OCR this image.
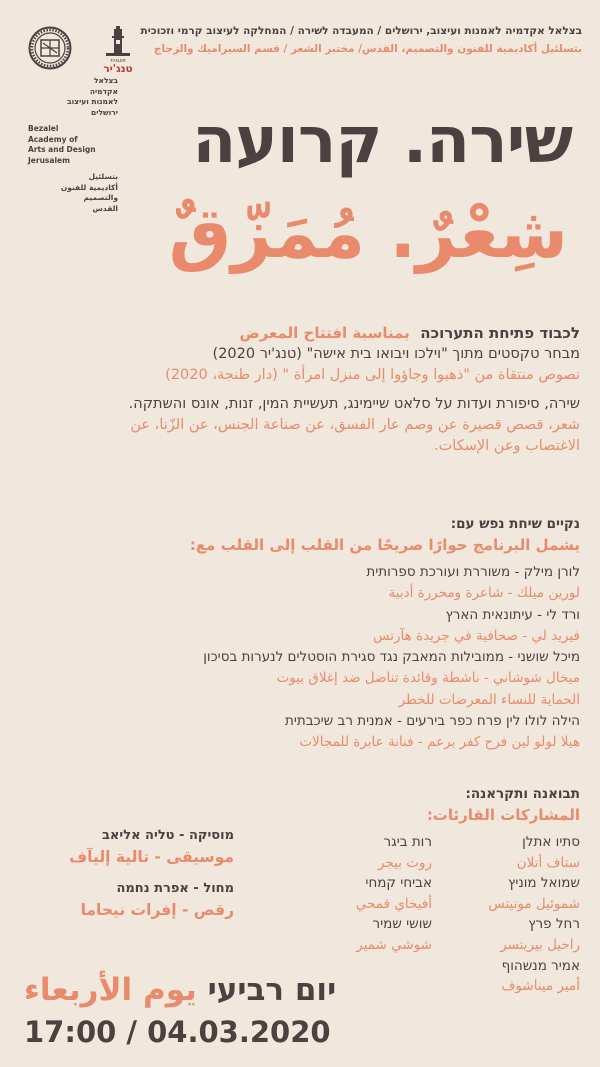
בצלאל אקדמיה לאמנות ועיצוב, ירושלים / המעבדה לשירה / המחלקה לעיצוב קרמי וזכוכית
بتسلئيل أكاديمية للفنون والتصميم، القدس/ مختبر الشعر / قسم السيراميك والزجاج
TANJIR
טנג'יר
בצלאל
אקדמיה
לאמנות ועיצוב
ירושלים
Bezalel
Academy of
Arts and Design
Jerusalem
بتسلئيل
أكاديمية للفنون
والتصميم
القدس
שירה. קרועה
شِعْرٌ. مُمَزّقٌ
לכבוד פתיחת התערוכה  بمناسبة افتتاح المعرض
מבחר טקסטים מתוך "וילכו ויבואו בית אישה" (טנג'יר 2020)
نصوص منتقاة من "ذهبوا وجاؤوا إلى منزل امرأة " (دار طنجة، 2020)
שירה, סיפורת ועדות על סלאט שיימינג, תעשיית המין, זנות, אונס והשתקה.
شعر، قصص قصيرة عن وصم عار الفسق، عن صناعة الجنس، عن الزّنا، عن
الاغتصاب وعن الإسكات.
נקיים שיחת נפש עם:
يشمل البرنامج حوارًا صريحًا من القلب إلى القلب مع:
לורן מילק - משוררת ועורכת ספרותית
لورين ميلك - شاعرة ومحررة أدبية
ורד לי - עיתונאית הארץ
فيريد لي - صحافية في جريدة هآرتس
מיכל שושני - ממובילות המאבק נגד סגירת הוסטלים לנערות בסיכון
ميخال شوشاني - ناشطة وقائدة تناضل ضد إغلاق بيوت
الحماية للنساء المعرضات للخطر
הילה לולו לין פרח כפר בירעים - אמנית רב שיכבתית
هيلا لولو لين فرح كفر برعم - فنانة عابرة للمجالات
תבואנה ותקראנה:
المشاركات القارئات:
סתיו אתלן
ستاف أتلان
שמואל מוניץ
شموئيل مونيتس
רחל פרץ
راحيل بيريتسر
אמיר מנשהוף
أمير ميناشوف
רות ביגר
روت بيجر
אביחי קמחי
أفيخاي قمحي
שושי שמיר
شوشي شمير
מוסיקה - טליה אליאב
موسيقى - تالية إليآف
מחול - אפרת נחמה
رقص - إفرات نيحاما
יום רביעי يوم الأربعاء
17:00 / 04.03.2020
